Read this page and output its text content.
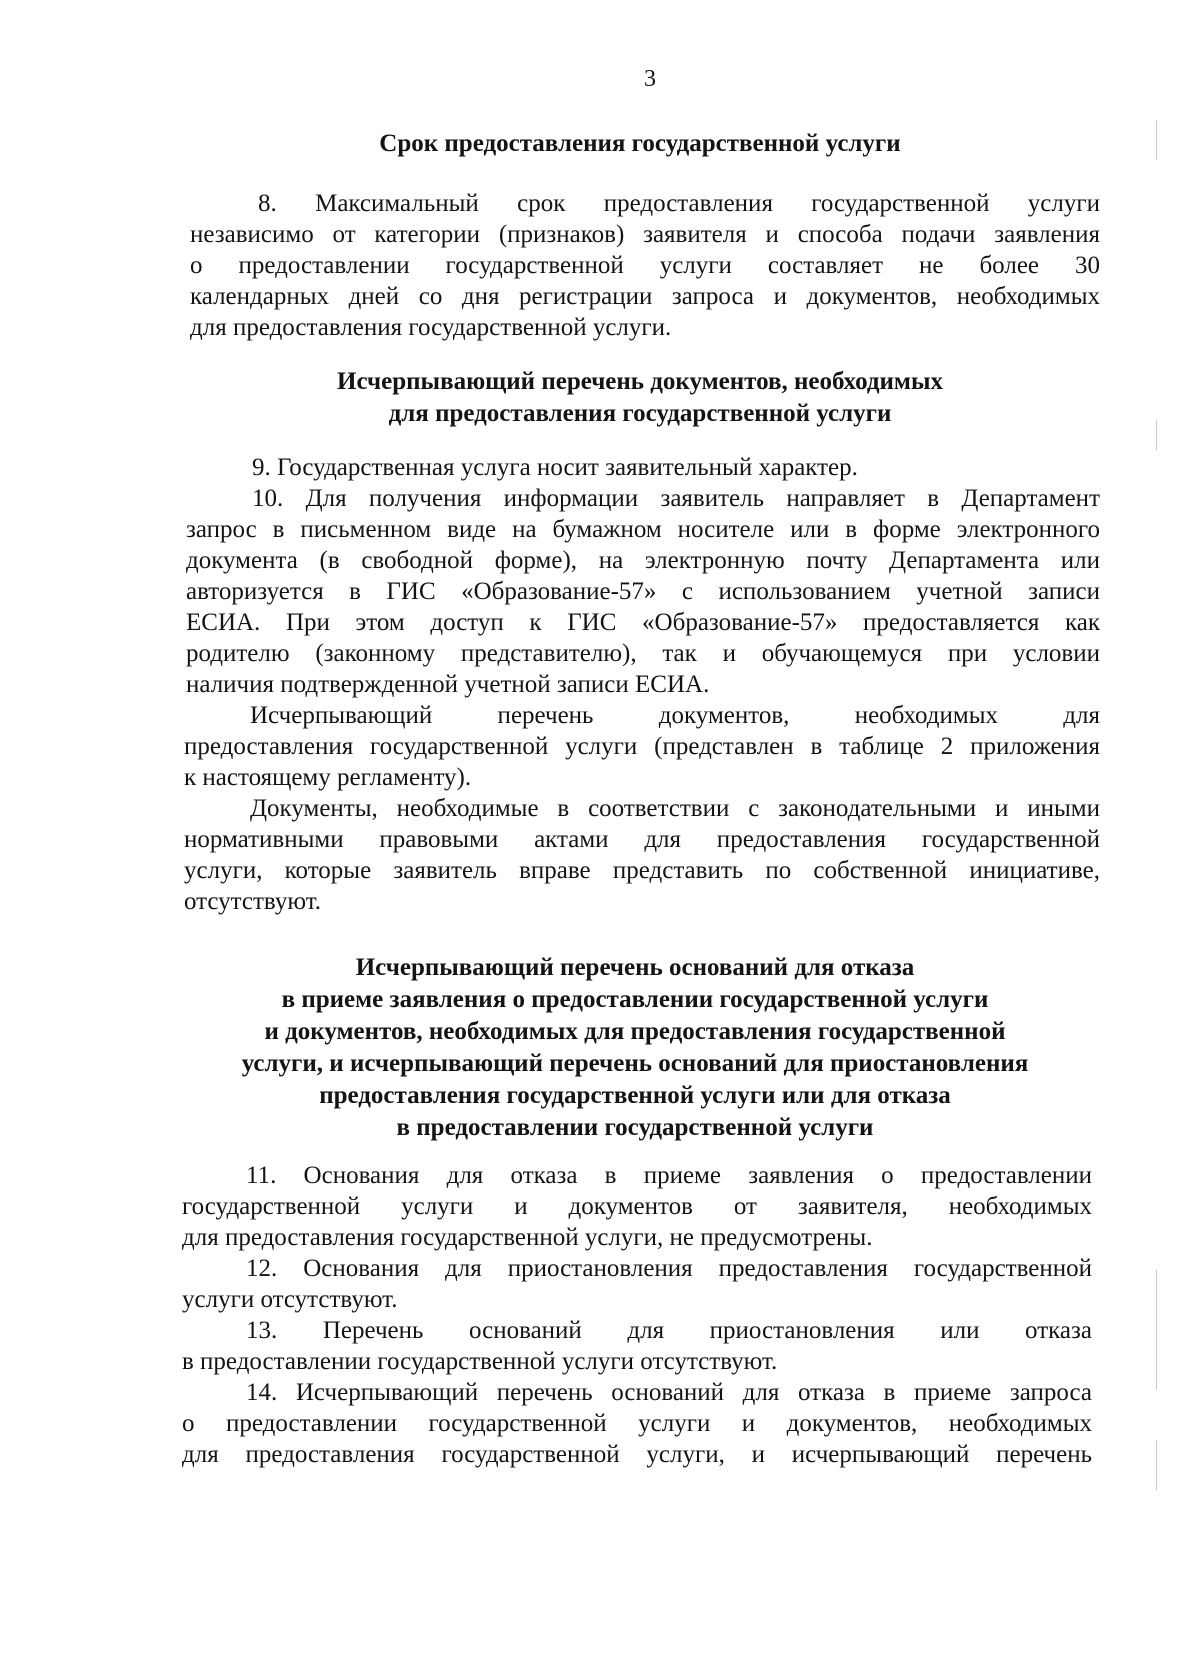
3
Срок предоставления государственной услуги
8. Максимальный срок предоставления государственной услуги
независимо от категории (признаков) заявителя и способа подачи заявления
о предоставлении государственной услуги составляет не более 30
календарных дней со дня регистрации запроса и документов, необходимых
для предоставления государственной услуги.
Исчерпывающий перечень документов, необходимых
для предоставления государственной услуги
9. Государственная услуга носит заявительный характер.
10. Для получения информации заявитель направляет в Департамент
запрос в письменном виде на бумажном носителе или в форме электронного
документа (в свободной форме), на электронную почту Департамента или
авторизуется в ГИС «Образование-57» с использованием учетной записи
ЕСИА. При этом доступ к ГИС «Образование-57» предоставляется как
родителю (законному представителю), так и обучающемуся при условии
наличия подтвержденной учетной записи ЕСИА.
Исчерпывающий перечень документов, необходимых для
предоставления государственной услуги (представлен в таблице 2 приложения
к настоящему регламенту).
Документы, необходимые в соответствии с законодательными и иными
нормативными правовыми актами для предоставления государственной
услуги, которые заявитель вправе представить по собственной инициативе,
отсутствуют.
Исчерпывающий перечень оснований для отказа
в приеме заявления о предоставлении государственной услуги
и документов, необходимых для предоставления государственной
услуги, и исчерпывающий перечень оснований для приостановления
предоставления государственной услуги или для отказа
в предоставлении государственной услуги
11. Основания для отказа в приеме заявления о предоставлении
государственной услуги и документов от заявителя, необходимых
для предоставления государственной услуги, не предусмотрены.
12. Основания для приостановления предоставления государственной
услуги отсутствуют.
13. Перечень оснований для приостановления или отказа
в предоставлении государственной услуги отсутствуют.
14. Исчерпывающий перечень оснований для отказа в приеме запроса
о предоставлении государственной услуги и документов, необходимых
для предоставления государственной услуги, и исчерпывающий перечень
